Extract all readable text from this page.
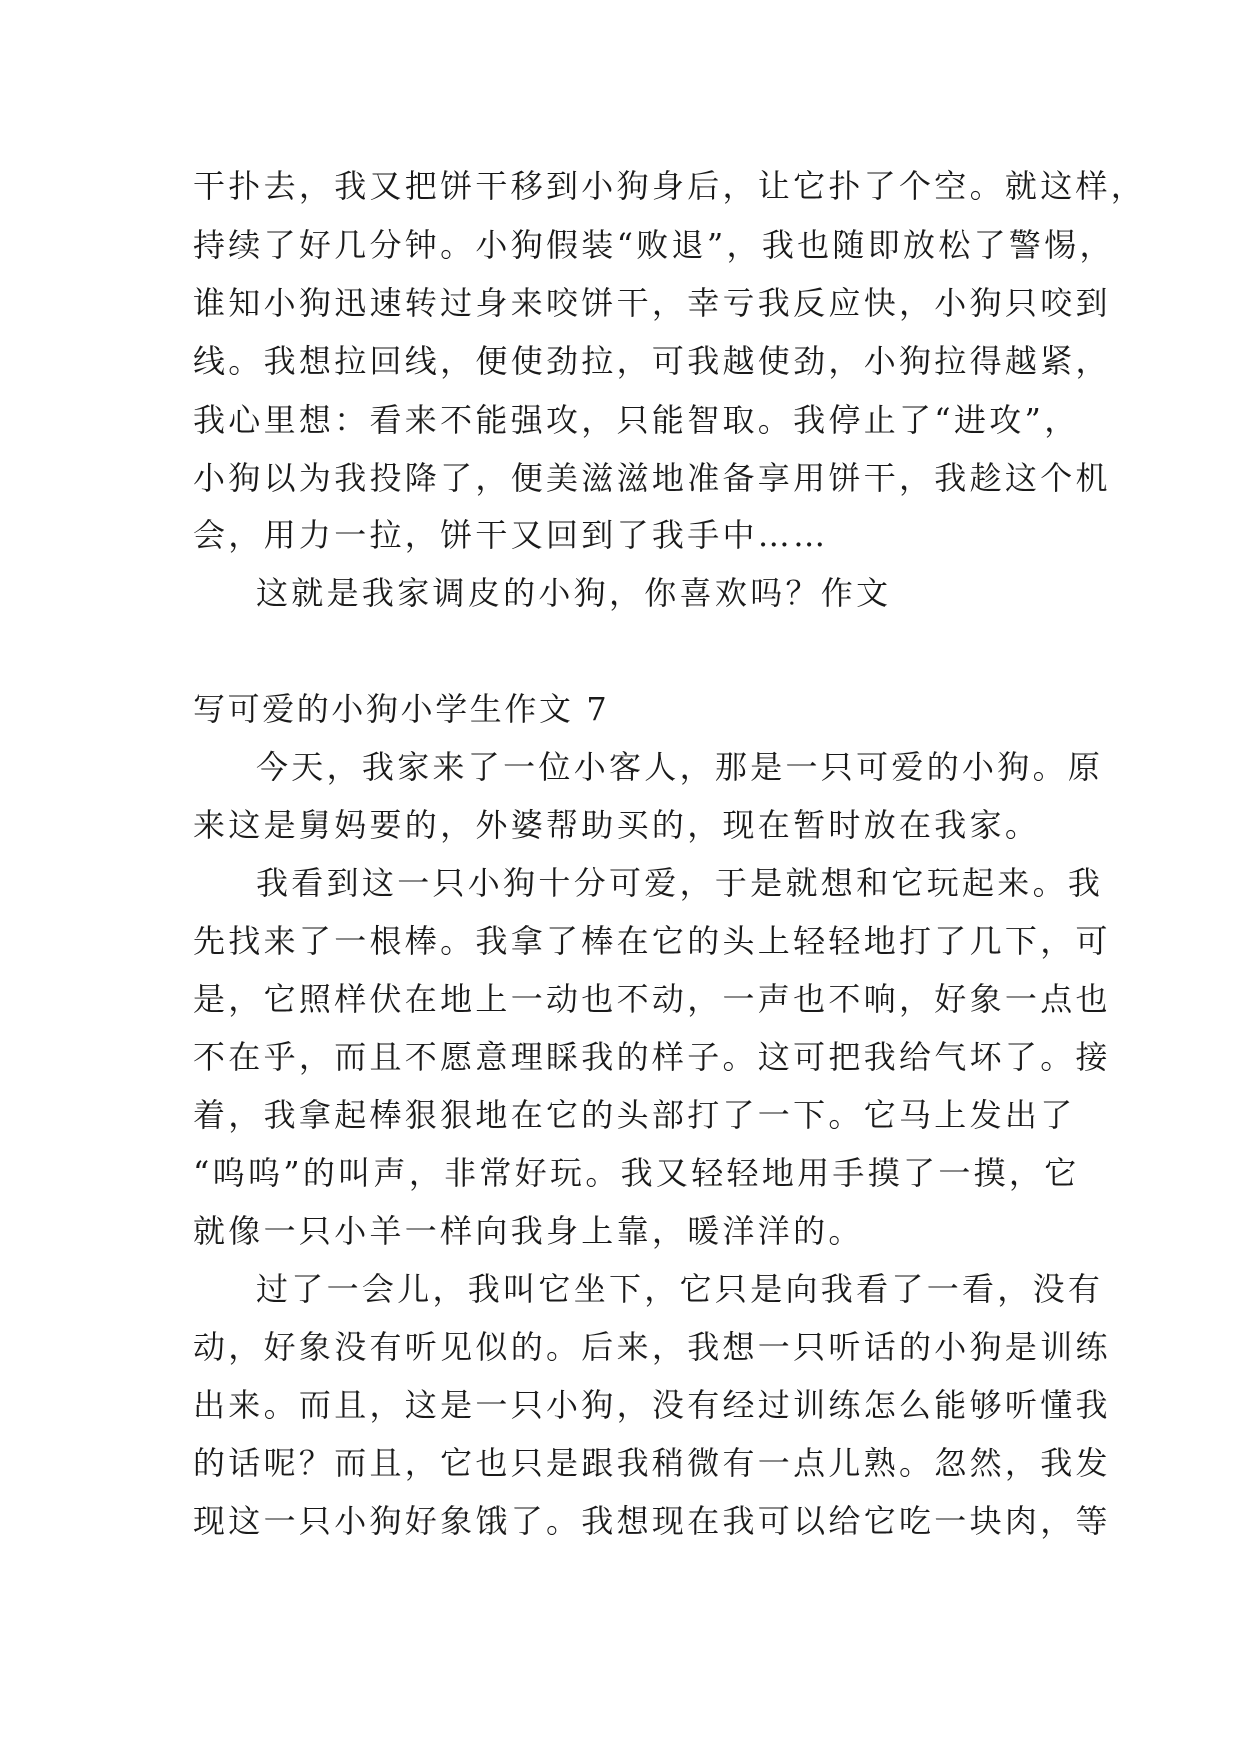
干扑去，我又把饼干移到小狗身后，让它扑了个空。就这样，
持续了好几分钟。小狗假装“败退”，我也随即放松了警惕，
谁知小狗迅速转过身来咬饼干，幸亏我反应快，小狗只咬到
线。我想拉回线，便使劲拉，可我越使劲，小狗拉得越紧，
我心里想：看来不能强攻，只能智取。我停止了“进攻”，
小狗以为我投降了，便美滋滋地准备享用饼干，我趁这个机
会，用力一拉，饼干又回到了我手中……
这就是我家调皮的小狗，你喜欢吗？作文
写可爱的小狗小学生作文 7
今天，我家来了一位小客人，那是一只可爱的小狗。原
来这是舅妈要的，外婆帮助买的，现在暂时放在我家。
我看到这一只小狗十分可爱，于是就想和它玩起来。我
先找来了一根棒。我拿了棒在它的头上轻轻地打了几下，可
是，它照样伏在地上一动也不动，一声也不响，好象一点也
不在乎，而且不愿意理睬我的样子。这可把我给气坏了。接
着，我拿起棒狠狠地在它的头部打了一下。它马上发出了
“呜呜”的叫声，非常好玩。我又轻轻地用手摸了一摸，它
就像一只小羊一样向我身上靠，暖洋洋的。
过了一会儿，我叫它坐下，它只是向我看了一看，没有
动，好象没有听见似的。后来，我想一只听话的小狗是训练
出来。而且，这是一只小狗，没有经过训练怎么能够听懂我
的话呢？而且，它也只是跟我稍微有一点儿熟。忽然，我发
现这一只小狗好象饿了。我想现在我可以给它吃一块肉，等
